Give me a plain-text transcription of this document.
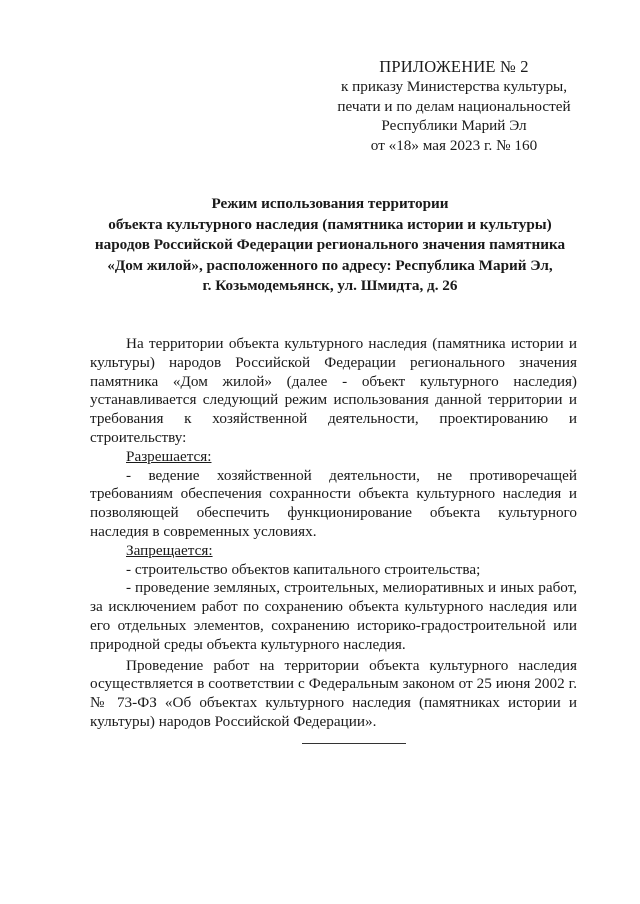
ПРИЛОЖЕНИЕ № 2
к приказу Министерства культуры,
печати и по делам национальностей
Республики Марий Эл
от «18» мая 2023 г. № 160
Режим использования территории
объекта культурного наследия (памятника истории и культуры)
народов Российской Федерации регионального значения памятника
«Дом жилой», расположенного по адресу: Республика Марий Эл,
г. Козьмодемьянск, ул. Шмидта, д. 26

На территории объекта культурного наследия (памятника истории и культуры) народов Российской Федерации регионального значения памятника «Дом жилой» (далее - объект культурного наследия) устанавливается следующий режим использования данной территории и требования к хозяйственной деятельности, проектированию и строительству:

Разрешается:

- ведение хозяйственной деятельности, не противоречащей требованиям обеспечения сохранности объекта культурного наследия и позволяющей обеспечить функционирование объекта культурного наследия в современных условиях.

Запрещается:

- строительство объектов капитального строительства;

- проведение земляных, строительных, мелиоративных и иных работ, за исключением работ по сохранению объекта культурного наследия или его отдельных элементов, сохранению историко-градостроительной или природной среды объекта культурного наследия.

Проведение работ на территории объекта культурного наследия осуществляется в соответствии с Федеральным законом от 25 июня 2002 г. № 73-ФЗ «Об объектах культурного наследия (памятниках истории и культуры) народов Российской Федерации».
